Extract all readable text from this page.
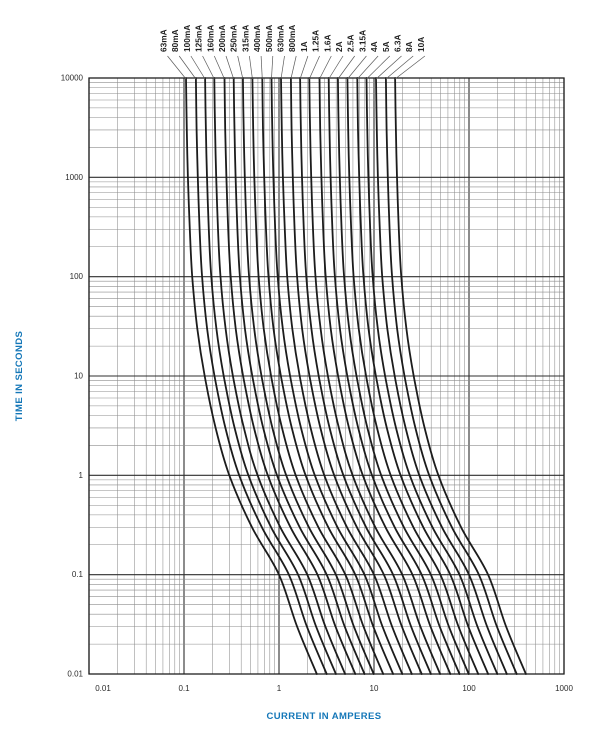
63mA 80mA 100mA 125mA 160mA 200mA 250mA 315mA 400mA 500mA 630mA 800mA 1A 1.25A 1.6A 2A 2.5A 3.15A 4A 5A 6.3A 8A 10A
0.01	0.1	1	10	100	1000
10000
1000
100
10
1
0.1
0.01
TIME IN SECONDS
CURRENT IN AMPERES
